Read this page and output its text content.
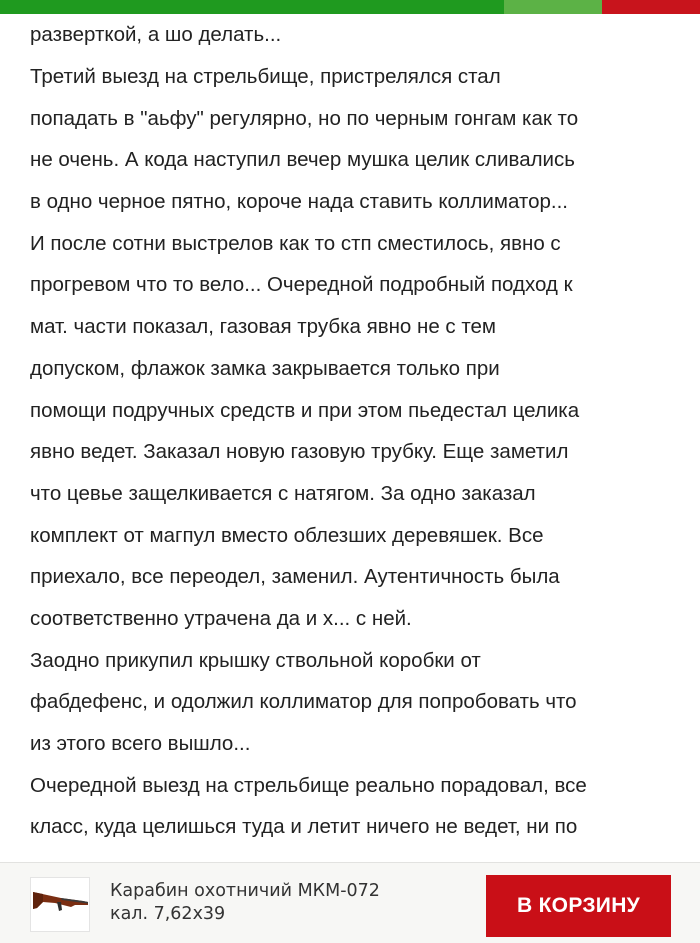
разверткой, а шо делать...
Третий выезд на стрельбище, пристрелялся стал
попадать в "аьфу" регулярно, но по черным гонгам как то
не очень. А кода наступил вечер мушка целик сливались
в одно черное пятно, короче нада ставить коллиматор...
И после сотни выстрелов как то стп сместилось, явно с
прогревом что то вело... Очередной подробный подход к
мат. части показал, газовая трубка явно не с тем
допуском, флажок замка закрывается только при
помощи подручных средств и при этом пьедестал целика
явно ведет. Заказал новую газовую трубку. Еще заметил
что цевье защелкивается с натягом. За одно заказал
комплект от магпул вместо облезших деревяшек. Все
приехало, все переодел, заменил. Аутентичность была
соответственно утрачена да и х... с ней.
Заодно прикупил крышку ствольной коробки от
фабдефенс, и одолжил коллиматор для попробовать что
из этого всего вышло...
Очередной выезд на стрельбище реально порадовал, все
класс, куда целишься туда и летит ничего не ведет, ни по
Карабин охотничий МКМ-072
кал. 7,62х39	В КОРЗИНУ
